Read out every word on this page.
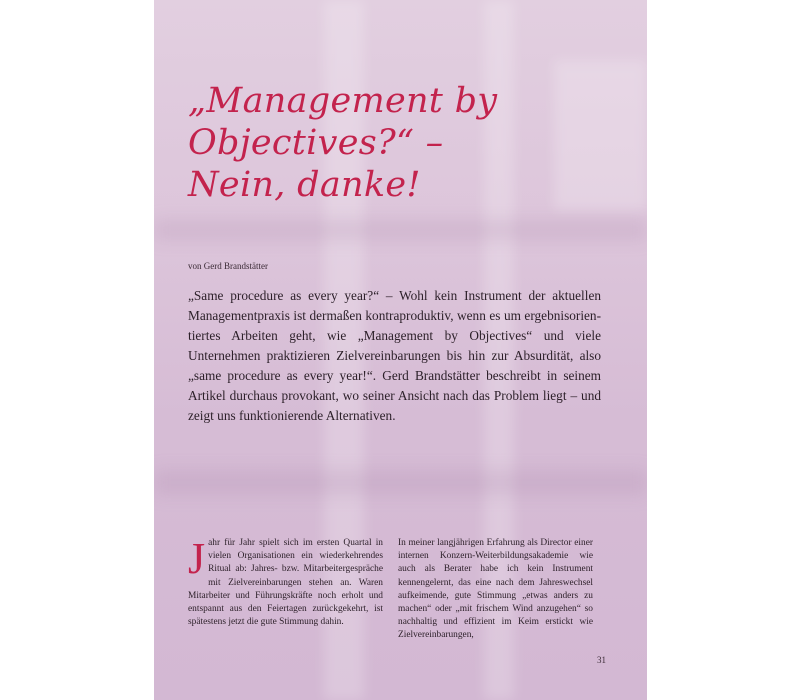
„Management by Objectives?“ –
Nein, danke!
von Gerd Brandstätter

„Same procedure as every year?“ – Wohl kein Instrument der aktuellen Managementpraxis ist dermaßen kontraproduktiv, wenn es um ergebnisorientiertes Arbeiten geht, wie „Management by Objectives“ und viele Unternehmen praktizieren Zielvereinbarungen bis hin zur Absurdität, also „same procedure as every year!“. Gerd Brandstätter beschreibt in seinem Artikel durchaus provokant, wo seiner Ansicht nach das Problem liegt – und zeigt uns funktionierende Alternativen.

Jahr für Jahr spielt sich im ersten Quartal in vielen Organisationen ein wiederkehrendes Ritual ab: Jahres- bzw. Mitarbeitergespräche mit Zielvereinbarungen stehen an. Waren Mitarbeiter und Führungskräfte noch erholt und entspannt aus den Feiertagen zurückgekehrt, ist spätestens jetzt die gute Stimmung dahin.

In meiner langjährigen Erfahrung als Director einer internen Konzern-Weiterbildungsakademie wie auch als Berater habe ich kein Instrument kennengelernt, das eine nach dem Jahreswechsel aufkeimende, gute Stimmung „etwas anders zu machen“ oder „mit frischem Wind anzugehen“ so nachhaltig und effizient im Keim erstickt wie Zielvereinbarungen,

31
